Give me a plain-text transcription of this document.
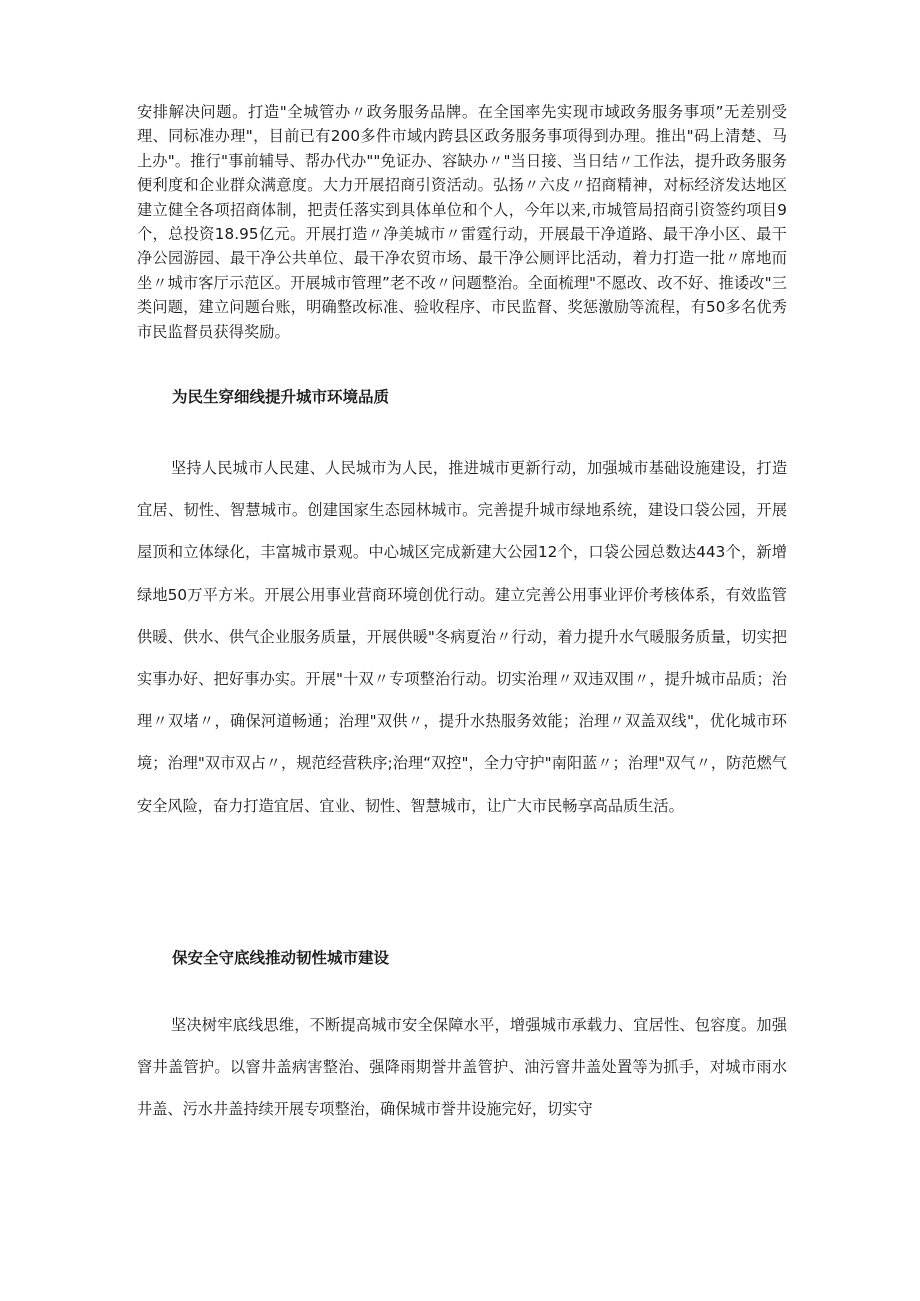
安排解决问题。打造"全城管办〃政务服务品牌。在全国率先实现市域政务服务事项”无差别受理、同标准办理"，目前已有200多件市域内跨县区政务服务事项得到办理。推出"码上清楚、马上办"。推行"事前辅导、帮办代办""免证办、容缺办〃"当日接、当日结〃工作法，提升政务服务便利度和企业群众满意度。大力开展招商引资活动。弘扬〃六皮〃招商精神，对标经济发达地区建立健全各项招商体制，把责任落实到具体单位和个人，今年以来,市城管局招商引资签约项目9个，总投资18.95亿元。开展打造〃净美城市〃雷霆行动，开展最干净道路、最干净小区、最干净公园游园、最干净公共单位、最干净农贸市场、最干净公厕评比活动，着力打造一批〃席地而坐〃城市客厅示范区。开展城市管理”老不改〃问题整治。全面梳理"不愿改、改不好、推诿改"三类问题，建立问题台账，明确整改标准、验收程序、市民监督、奖惩激励等流程，有50多名优秀市民监督员获得奖励。

为民生穿细线提升城市环境品质

坚持人民城市人民建、人民城市为人民，推进城市更新行动，加强城市基础设施建设，打造宜居、韧性、智慧城市。创建国家生态园林城市。完善提升城市绿地系统，建设口袋公园，开展屋顶和立体绿化，丰富城市景观。中心城区完成新建大公园12个，口袋公园总数达443个，新增绿地50万平方米。开展公用事业营商环境创优行动。建立完善公用事业评价考核体系，有效监管供暖、供水、供气企业服务质量，开展供暖"冬病夏治〃行动，着力提升水气暖服务质量，切实把实事办好、把好事办实。开展"十双〃专项整治行动。切实治理〃双违双围〃，提升城市品质；治理〃双堵〃，确保河道畅通；治理"双供〃，提升水热服务效能；治理〃双盖双线"，优化城市环境；治理"双市双占〃，规范经营秩序;治理“双控"，全力守护"南阳蓝〃；治理"双气〃，防范燃气安全风险，奋力打造宜居、宜业、韧性、智慧城市，让广大市民畅享高品质生活。

保安全守底线推动韧性城市建设

坚决树牢底线思维，不断提高城市安全保障水平，增强城市承载力、宜居性、包容度。加强窨井盖管护。以窨井盖病害整治、强降雨期誉井盖管护、油污窨井盖处置等为抓手，对城市雨水井盖、污水井盖持续开展专项整治，确保城市誉井设施完好，切实守
